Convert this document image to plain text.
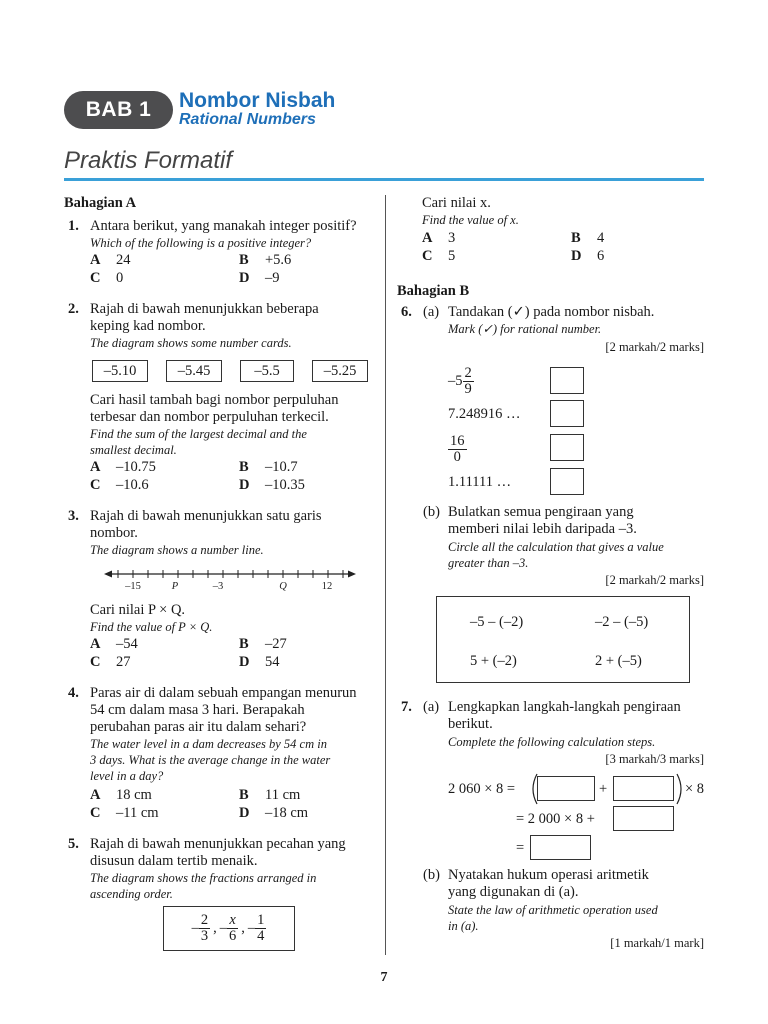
BAB 1	Nombor Nisbah
Rational Numbers
Praktis Formatif
Bahagian A
1. Antara berikut, yang manakah integer positif?
Which of the following is a positive integer?
A 24	B +5.6
C 0	D –9
2. Rajah di bawah menunjukkan beberapa
keping kad nombor.
The diagram shows some number cards.
–5.10	–5.45	–5.5	–5.25
Cari hasil tambah bagi nombor perpuluhan
terbesar dan nombor perpuluhan terkecil.
Find the sum of the largest decimal and the
smallest decimal.
A –10.75	B –10.7
C –10.6	D –10.35
3. Rajah di bawah menunjukkan satu garis
nombor.
The diagram shows a number line.
–15	P	–3	Q	12
Cari nilai P × Q.
Find the value of P × Q.
A –54	B –27
C 27	D 54
4. Paras air di dalam sebuah empangan menurun
54 cm dalam masa 3 hari. Berapakah
perubahan paras air itu dalam sehari?
The water level in a dam decreases by 54 cm in
3 days. What is the average change in the water
level in a day?
A 18 cm	B 11 cm
C –11 cm	D –18 cm
5. Rajah di bawah menunjukkan pecahan yang
disusun dalam tertib menaik.
The diagram shows the fractions arranged in
ascending order.
– $\frac{2}{3}$ , – $\frac{x}{6}$ , – $\frac{1}{4}$
Cari nilai x.
Find the value of x.
A 3	B 4
C 5	D 6
Bahagian B
6. (a) Tandakan (✓) pada nombor nisbah.
Mark (✓) for rational number.
[2 markah/2 marks]
$-5 \frac{2}{9}$
7.248916 …
$\frac{16}{0}$
1.11111 …
(b) Bulatkan semua pengiraan yang
memberi nilai lebih daripada –3.
Circle all the calculation that gives a value
greater than –3.
[2 markah/2 marks]
–5 – (–2)	–2 – (–5)
5 + (–2)	2 + (–5)
7. (a) Lengkapkan langkah-langkah pengiraan
berikut.
Complete the following calculation steps.
[3 markah/3 marks]
2 060 × 8 =	+	× 8
= 2 000 × 8 +
=
(b) Nyatakan hukum operasi aritmetik
yang digunakan di (a).
State the law of arithmetic operation used
in (a).
[1 markah/1 mark]
7
